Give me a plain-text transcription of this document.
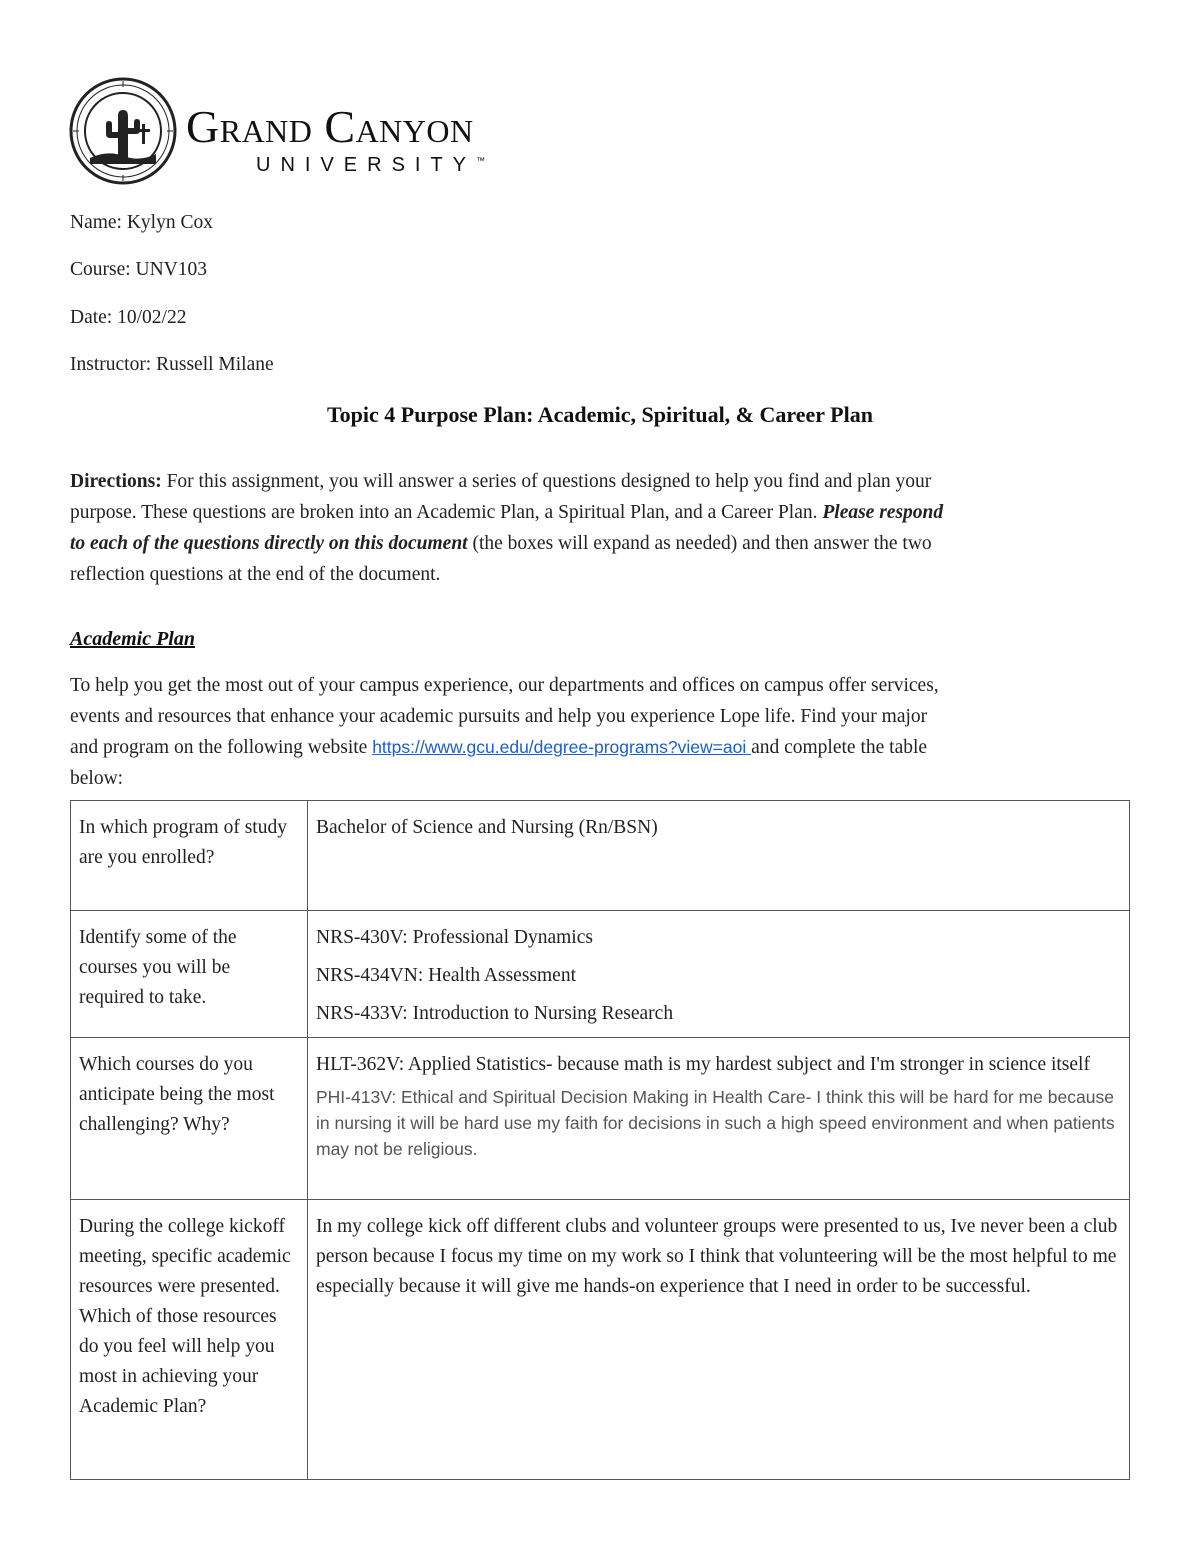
Grand Canyon
UNIVERSITY™
Name: Kylyn Cox
Course: UNV103
Date: 10/02/22
Instructor: Russell Milane
Topic 4 Purpose Plan: Academic, Spiritual, & Career Plan
Directions: For this assignment, you will answer a series of questions designed to help you find and plan your
purpose. These questions are broken into an Academic Plan, a Spiritual Plan, and a Career Plan. Please respond
to each of the questions directly on this document (the boxes will expand as needed) and then answer the two
reflection questions at the end of the document.
Academic Plan
To help you get the most out of your campus experience, our departments and offices on campus offer services,
events and resources that enhance your academic pursuits and help you experience Lope life. Find your major
and program on the following website https://www.gcu.edu/degree-programs?view=aoi and complete the table
below:
In which program of study are you enrolled?	Bachelor of Science and Nursing (Rn/BSN)

Identify some of the courses you will be required to take.	NRS-430V: Professional Dynamics
NRS-434VN: Health Assessment
NRS-433V: Introduction to Nursing Research

Which courses do you anticipate being the most challenging? Why?	HLT-362V: Applied Statistics- because math is my hardest subject and I'm stronger in science itself
PHI-413V: Ethical and Spiritual Decision Making in Health Care- I think this will be hard for me because in nursing it will be hard use my faith for decisions in such a high speed environment and when patients may not be religious.

During the college kickoff meeting, specific academic resources were presented. Which of those resources do you feel will help you most in achieving your Academic Plan?	In my college kick off different clubs and volunteer groups were presented to us, Ive never been a club person because I focus my time on my work so I think that volunteering will be the most helpful to me especially because it will give me hands-on experience that I need in order to be successful.
